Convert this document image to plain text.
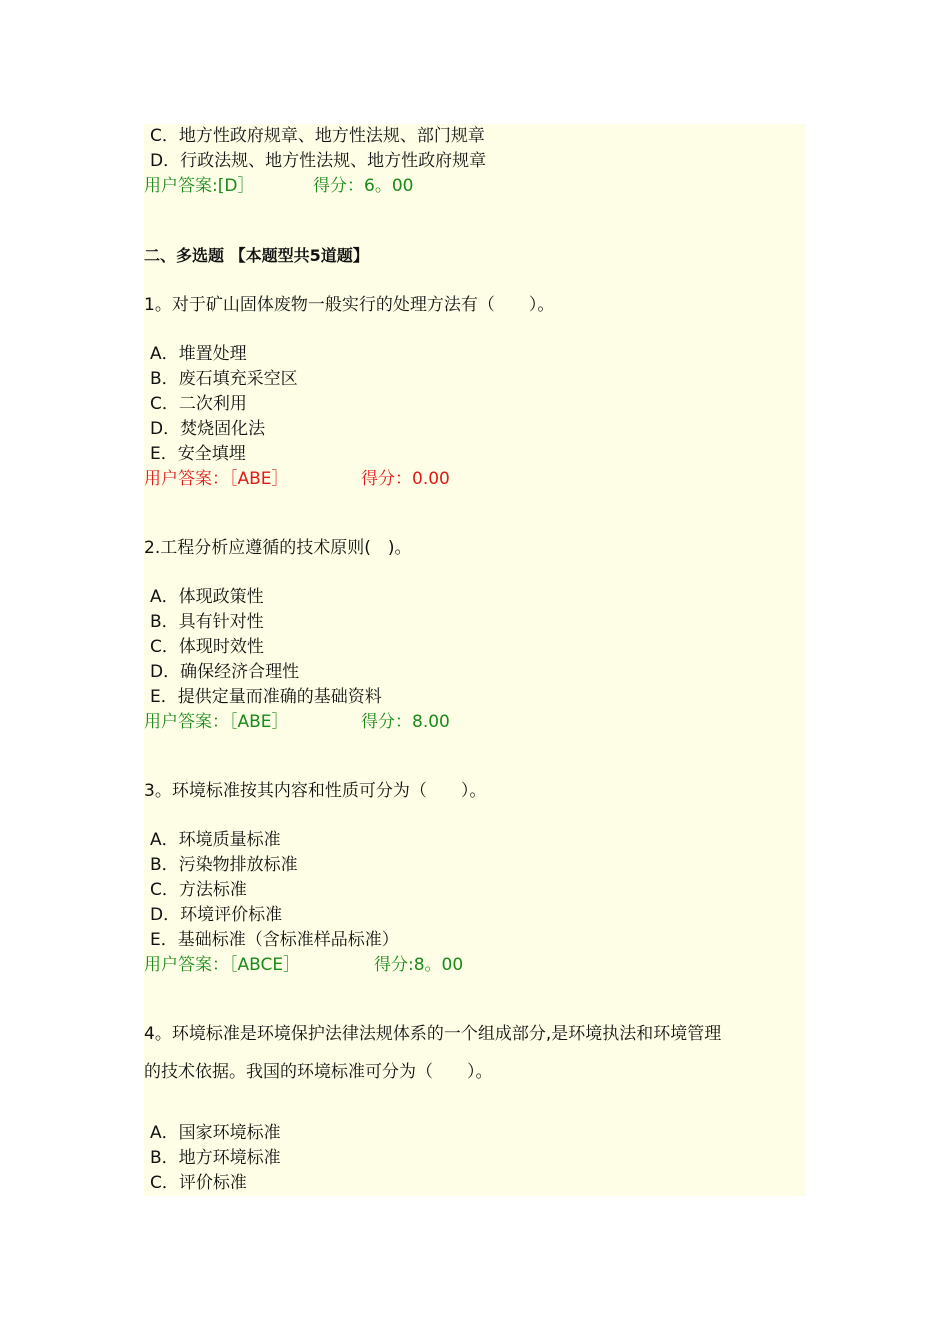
C．地方性政府规章、地方性法规、部门规章
D．行政法规、地方性法规、地方性政府规章
用户答案:[D］	得分：6。00
二、多选题 【本题型共5道题】
1。对于矿山固体废物一般实行的处理方法有（　　）。
A．堆置处理
B．废石填充采空区
C．二次利用
D．焚烧固化法
E．安全填埋
用户答案：［ABE］	得分：0.00
2.工程分析应遵循的技术原则(　)。
A．体现政策性
B．具有针对性
C．体现时效性
D．确保经济合理性
E．提供定量而准确的基础资料
用户答案：［ABE］	得分：8.00
3。环境标准按其内容和性质可分为（　　）。
A．环境质量标准
B．污染物排放标准
C．方法标准
D．环境评价标准
E．基础标准（含标准样品标准）
用户答案：［ABCE］	得分:8。00
4。环境标准是环境保护法律法规体系的一个组成部分,是环境执法和环境管理
的技术依据。我国的环境标准可分为（　　）。
A．国家环境标准
B．地方环境标准
C．评价标准
